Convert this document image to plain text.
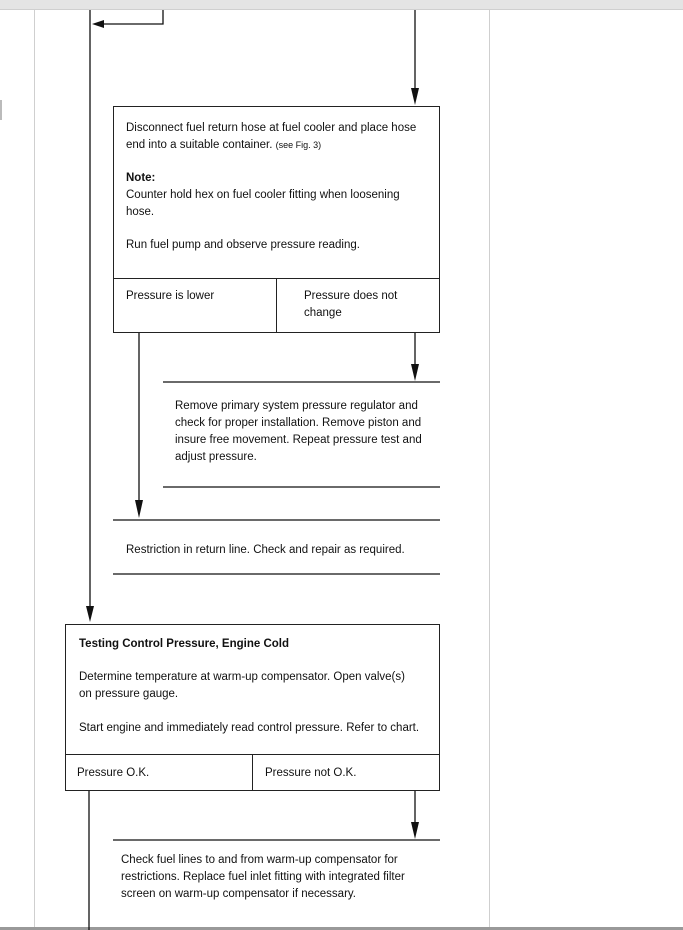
Disconnect fuel return hose at fuel cooler and place hose
end into a suitable container. (see Fig. 3)
Note:
Counter hold hex on fuel cooler fitting when loosening
hose.
Run fuel pump and observe pressure reading.
Pressure is lower	Pressure does not
change
Remove primary system pressure regulator and
check for proper installation. Remove piston and
insure free movement. Repeat pressure test and
adjust pressure.
Restriction in return line. Check and repair as required.
Testing Control Pressure, Engine Cold
Determine temperature at warm-up compensator. Open valve(s)
on pressure gauge.
Start engine and immediately read control pressure. Refer to chart.
Pressure O.K.	Pressure not O.K.
Check fuel lines to and from warm-up compensator for
restrictions. Replace fuel inlet fitting with integrated filter
screen on warm-up compensator if necessary.
